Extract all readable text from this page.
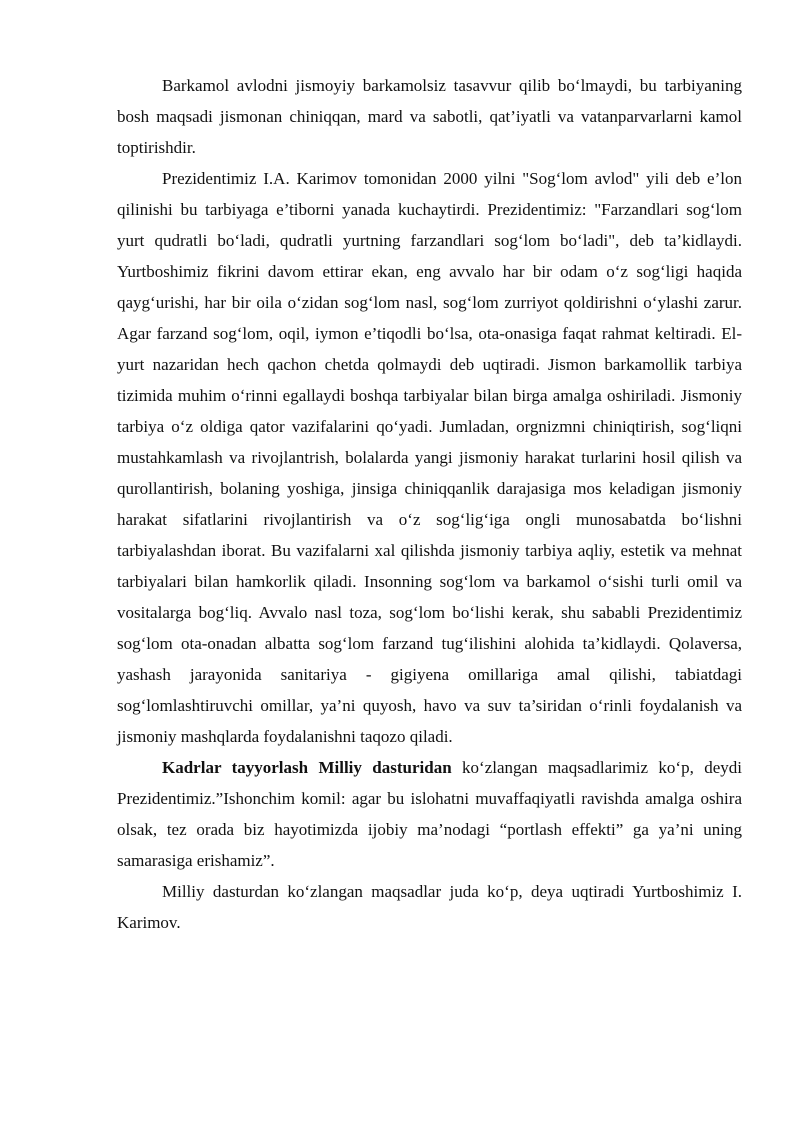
Barkamol avlodni jismoyiy barkamolsiz tasavvur qilib bo‘lmaydi, bu tarbiyaning bosh maqsadi jismonan chiniqqan, mard va sabotli, qat’iyatli va vatanparvarlarni kamol toptirishdir.

Prezidentimiz I.A. Karimov tomonidan 2000 yilni "Sog‘lom avlod" yili deb e’lon qilinishi bu tarbiyaga e’tiborni yanada kuchaytirdi. Prezidentimiz: "Farzandlari sog‘lom yurt qudratli bo‘ladi, qudratli yurtning farzandlari sog‘lom bo‘ladi", deb ta’kidlaydi. Yurtboshimiz fikrini davom ettirar ekan, eng avvalo har bir odam o‘z sog‘ligi haqida qayg‘urishi, har bir oila o‘zidan sog‘lom nasl, sog‘lom zurriyot qoldirishni o‘ylashi zarur. Agar farzand sog‘lom, oqil, iymon e’tiqodli bo‘lsa, ota-onasiga faqat rahmat keltiradi. El-yurt nazaridan hech qachon chetda qolmaydi deb uqtiradi. Jismon barkamollik tarbiya tizimida muhim o‘rinni egallaydi boshqa tarbiyalar bilan birga amalga oshiriladi. Jismoniy tarbiya o‘z oldiga qator vazifalarini qo‘yadi. Jumladan, orgnizmni chiniqtirish, sog‘liqni mustahkamlash va rivojlantrish, bolalarda yangi jismoniy harakat turlarini hosil qilish va qurollantirish, bolaning yoshiga, jinsiga chiniqqanlik darajasiga mos keladigan jismoniy harakat sifatlarini rivojlantirish va o‘z sog‘lig‘iga ongli munosabatda bo‘lishni tarbiyalashdan iborat. Bu vazifalarni xal qilishda jismoniy tarbiya aqliy, estetik va mehnat tarbiyalari bilan hamkorlik qiladi. Insonning sog‘lom va barkamol o‘sishi turli omil va vositalarga bog‘liq. Avvalo nasl toza, sog‘lom bo‘lishi kerak, shu sababli Prezidentimiz sog‘lom ota-onadan albatta sog‘lom farzand tug‘ilishini alohida ta’kidlaydi. Qolaversa, yashash jarayonida sanitariya - gigiyena omillariga amal qilishi, tabiatdagi sog‘lomlashtiruvchi omillar, ya’ni quyosh, havo va suv ta’siridan o‘rinli foydalanish va jismoniy mashqlarda foydalanishni taqozo qiladi.

Kadrlar tayyorlash Milliy dasturidan ko‘zlangan maqsadlarimiz ko‘p, deydi Prezidentimiz.”Ishonchim komil: agar bu islohatni muvaffaqiyatli ravishda amalga oshira olsak, tez orada biz hayotimizda ijobiy ma’nodagi “portlash effekti” ga ya’ni uning samarasiga erishamiz”.

Milliy dasturdan ko‘zlangan maqsadlar juda ko‘p, deya uqtiradi Yurtboshimiz I. Karimov.
